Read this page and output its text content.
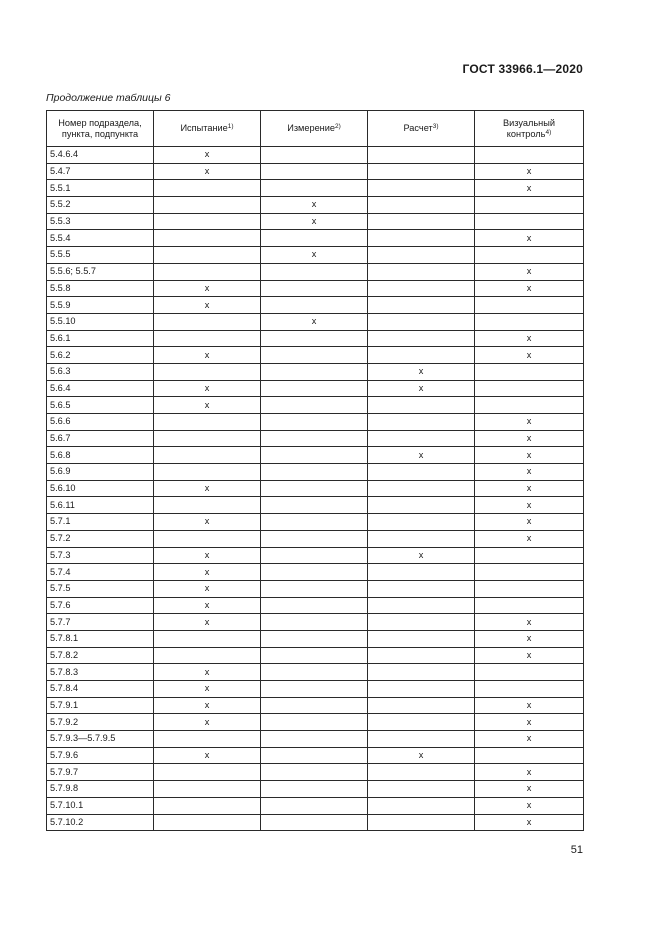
ГОСТ 33966.1—2020
Продолжение таблицы 6
Номер подраздела, пункта, подпункта	Испытание$^{1)}$	Измерение$^{2)}$	Расчет$^{3)}$	Визуальный контроль$^{4)}$
5.4.6.4	x			
5.4.7	x			x
5.5.1				x
5.5.2		x		
5.5.3		x		
5.5.4				x
5.5.5		x		
5.5.6; 5.5.7				x
5.5.8	x			x
5.5.9	x			
5.5.10		x		
5.6.1				x
5.6.2	x			x
5.6.3			x	
5.6.4	x		x	
5.6.5	x			
5.6.6				x
5.6.7				x
5.6.8			x	x
5.6.9				x
5.6.10	x			x
5.6.11				x
5.7.1	x			x
5.7.2				x
5.7.3	x		x	
5.7.4	x			
5.7.5	x			
5.7.6	x			
5.7.7	x			x
5.7.8.1				x
5.7.8.2				x
5.7.8.3	x			
5.7.8.4	x			
5.7.9.1	x			x
5.7.9.2	x			x
5.7.9.3—5.7.9.5				x
5.7.9.6	x		x	
5.7.9.7				x
5.7.9.8				x
5.7.10.1				x
5.7.10.2				x
51
